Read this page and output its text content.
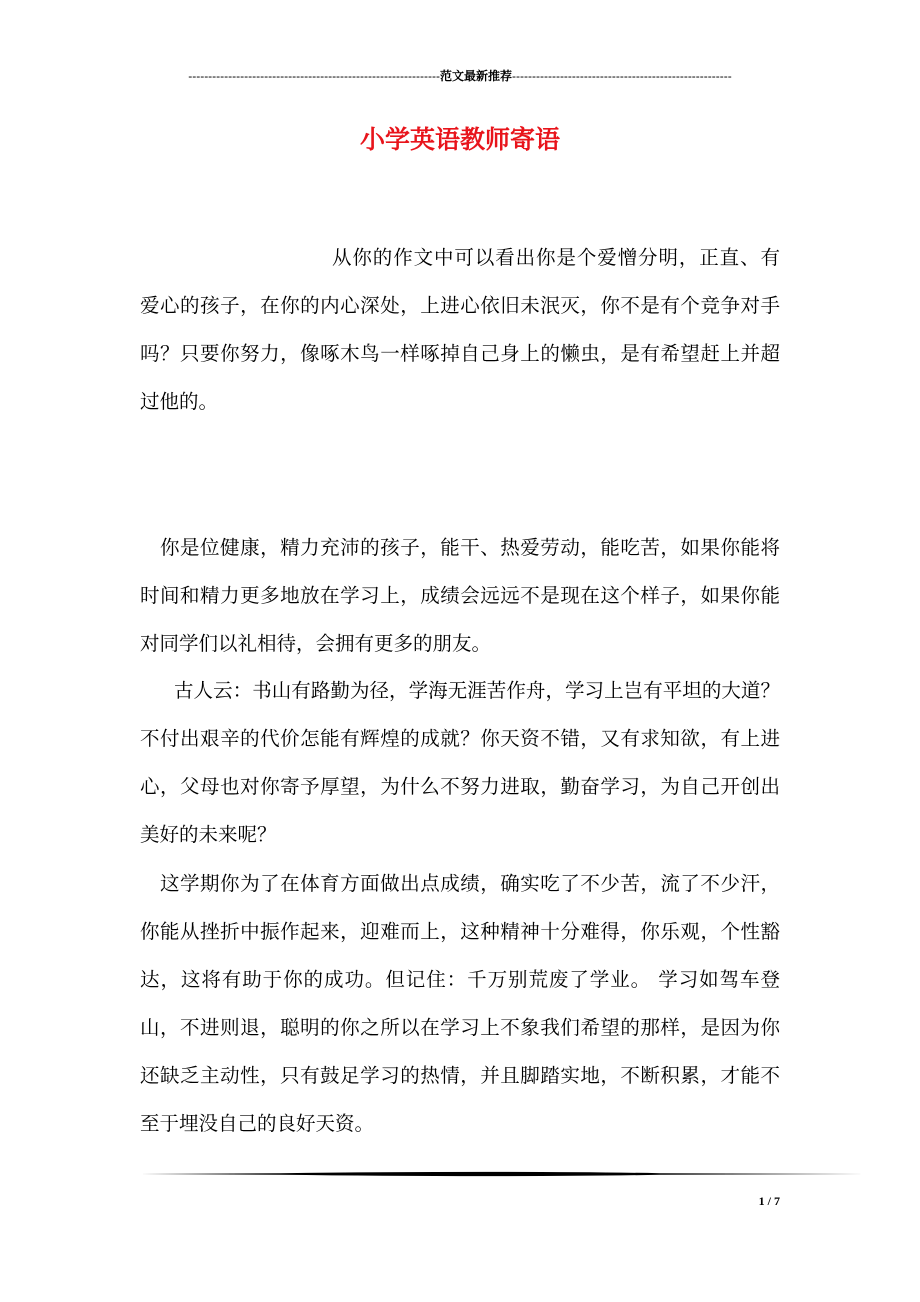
---------------------------------------------------------------范文最新推荐-------------------------------------------------------
小学英语教师寄语

从你的作文中可以看出你是个爱憎分明，正直、有爱心的孩子，在你的内心深处，上进心依旧未泯灭，你不是有个竞争对手吗？只要你努力，像啄木鸟一样啄掉自己身上的懒虫，是有希望赶上并超过他的。

你是位健康，精力充沛的孩子，能干、热爱劳动，能吃苦，如果你能将时间和精力更多地放在学习上，成绩会远远不是现在这个样子，如果你能对同学们以礼相待，会拥有更多的朋友。

古人云：书山有路勤为径，学海无涯苦作舟，学习上岂有平坦的大道？不付出艰辛的代价怎能有辉煌的成就？你天资不错，又有求知欲，有上进心，父母也对你寄予厚望，为什么不努力进取，勤奋学习，为自己开创出美好的未来呢？

这学期你为了在体育方面做出点成绩，确实吃了不少苦，流了不少汗，你能从挫折中振作起来，迎难而上，这种精神十分难得，你乐观，个性豁达，这将有助于你的成功。但记住：千万别荒废了学业。 学习如驾车登山，不进则退，聪明的你之所以在学习上不象我们希望的那样，是因为你还缺乏主动性，只有鼓足学习的热情，并且脚踏实地，不断积累，才能不至于埋没自己的良好天资。

1 / 7
